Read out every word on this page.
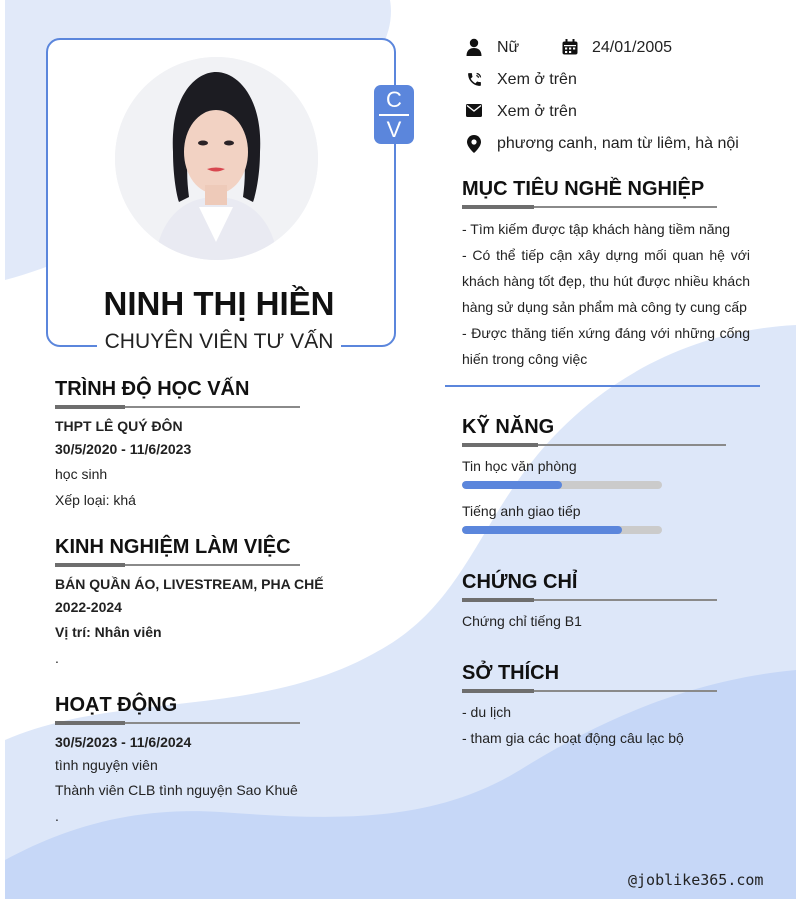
C
V
NINH THỊ HIỀN
CHUYÊN VIÊN TƯ VẤN
TRÌNH ĐỘ HỌC VẤN
THPT LÊ QUÝ ĐÔN
30/5/2020 - 11/6/2023
học sinh
Xếp loại: khá
KINH NGHIỆM LÀM VIỆC
BÁN QUẦN ÁO, LIVESTREAM, PHA CHẾ
2022-2024
Vị trí: Nhân viên
.
HOẠT ĐỘNG
30/5/2023 - 11/6/2024
tình nguyện viên
Thành viên CLB tình nguyện Sao Khuê
.
Nữ	24/01/2005
Xem ở trên
Xem ở trên
phương canh, nam từ liêm, hà nội
MỤC TIÊU NGHỀ NGHIỆP
- Tìm kiếm được tập khách hàng tiềm năng
- Có thể tiếp cận xây dựng mối quan hệ với khách hàng tốt đẹp, thu hút được nhiều khách hàng sử dụng sản phẩm mà công ty cung cấp
- Được thăng tiến xứng đáng với những cống hiến trong công việc
KỸ NĂNG
Tin học văn phòng
Tiếng anh giao tiếp
CHỨNG CHỈ
Chứng chỉ tiếng B1
SỞ THÍCH
- du lịch
- tham gia các hoạt động câu lạc bộ
@joblike365.com
